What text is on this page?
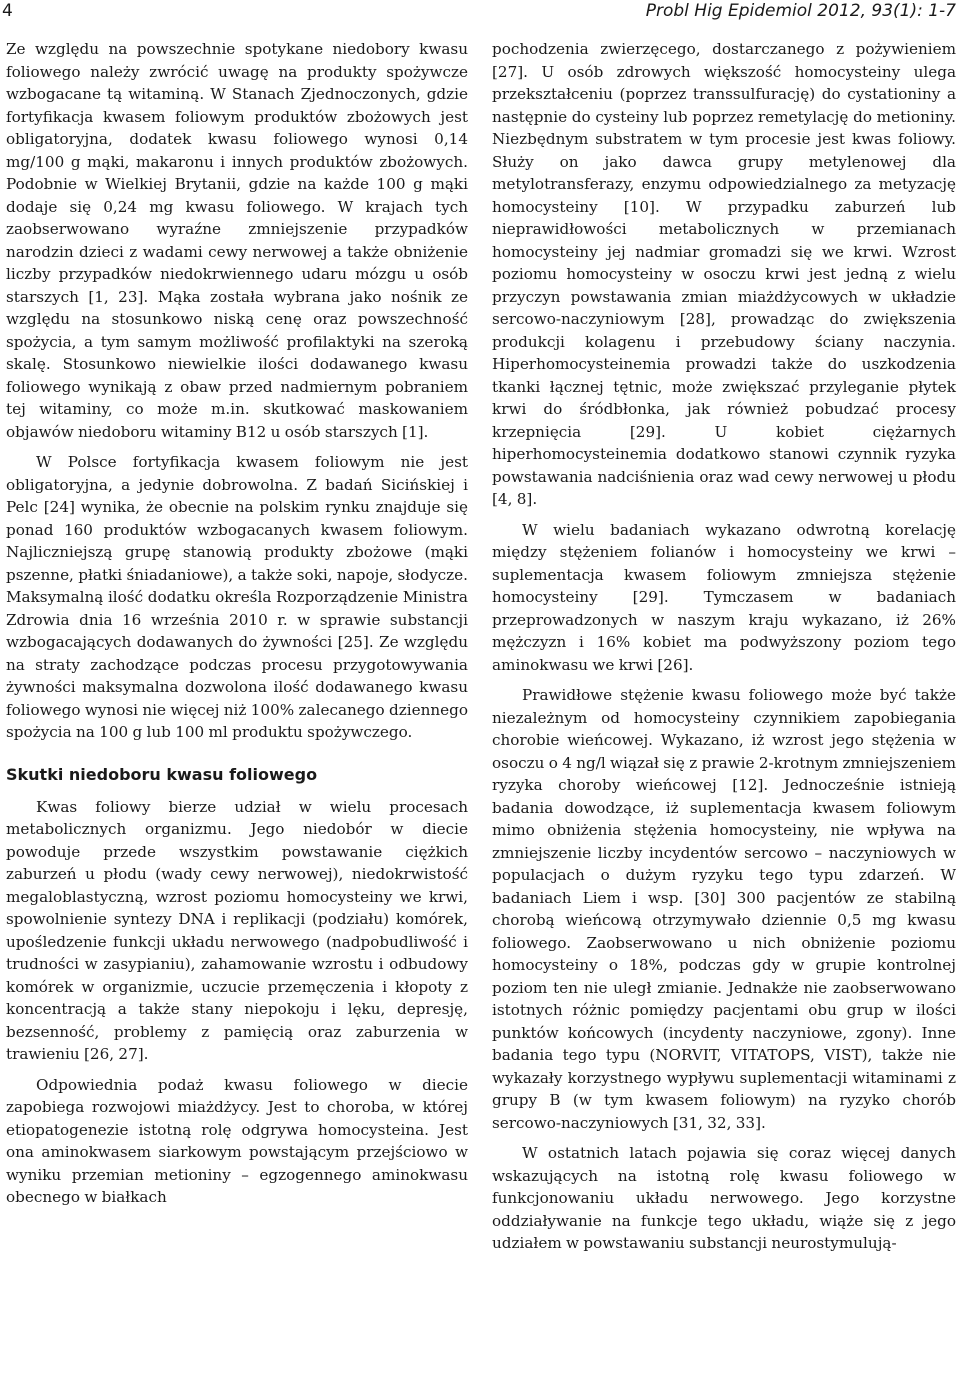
4	Probl Hig Epidemiol 2012, 93(1): 1-7

Ze względu na powszechnie spotykane niedobory kwasu foliowego należy zwrócić uwagę na produkty spożywcze wzbogacane tą witaminą. W Stanach Zjednoczonych, gdzie fortyfikacja kwasem foliowym produktów zbożowych jest obligatoryjna, dodatek kwasu foliowego wynosi 0,14 mg/100 g mąki, makaronu i innych produktów zbożowych. Podobnie w Wielkiej Brytanii, gdzie na każde 100 g mąki dodaje się 0,24 mg kwasu foliowego. W krajach tych zaobserwowano wyraźne zmniejszenie przypadków narodzin dzieci z wadami cewy nerwowej a także obniżenie liczby przypadków niedokrwiennego udaru mózgu u osób starszych [1, 23]. Mąka została wybrana jako nośnik ze względu na stosunkowo niską cenę oraz powszechność spożycia, a tym samym możliwość profilaktyki na szeroką skalę. Stosunkowo niewielkie ilości dodawanego kwasu foliowego wynikają z obaw przed nadmiernym pobraniem tej witaminy, co może m.in. skutkować maskowaniem objawów niedoboru witaminy B12 u osób starszych [1].

W Polsce fortyfikacja kwasem foliowym nie jest obligatoryjna, a jedynie dobrowolna. Z badań Sicińskiej i Pelc [24] wynika, że obecnie na polskim rynku znajduje się ponad 160 produktów wzbogacanych kwasem foliowym. Najliczniejszą grupę stanowią produkty zbożowe (mąki pszenne, płatki śniadaniowe), a także soki, napoje, słodycze. Maksymalną ilość dodatku określa Rozporządzenie Ministra Zdrowia dnia 16 września 2010 r. w sprawie substancji wzbogacających dodawanych do żywności [25]. Ze względu na straty zachodzące podczas procesu przygotowywania żywności maksymalna dozwolona ilość dodawanego kwasu foliowego wynosi nie więcej niż 100% zalecanego dziennego spożycia na 100 g lub 100 ml produktu spożywczego.

Skutki niedoboru kwasu foliowego

Kwas foliowy bierze udział w wielu procesach metabolicznych organizmu. Jego niedobór w diecie powoduje przede wszystkim powstawanie ciężkich zaburzeń u płodu (wady cewy nerwowej), niedokrwistość megaloblastyczną, wzrost poziomu homocysteiny we krwi, spowolnienie syntezy DNA i replikacji (podziału) komórek, upośledzenie funkcji układu nerwowego (nadpobudliwość i trudności w zasypianiu), zahamowanie wzrostu i odbudowy komórek w organizmie, uczucie przemęczenia i kłopoty z koncentracją a także stany niepokoju i lęku, depresję, bezsenność, problemy z pamięcią oraz zaburzenia w trawieniu [26, 27].

Odpowiednia podaż kwasu foliowego w diecie zapobiega rozwojowi miażdżycy. Jest to choroba, w której etiopatogenezie istotną rolę odgrywa homocysteina. Jest ona aminokwasem siarkowym powstającym przejściowo w wyniku przemian metioniny – egzogennego aminokwasu obecnego w białkach

pochodzenia zwierzęcego, dostarczanego z pożywieniem [27]. U osób zdrowych większość homocysteiny ulega przekształceniu (poprzez transsulfurację) do cystationiny a następnie do cysteiny lub poprzez remetylację do metioniny. Niezbędnym substratem w tym procesie jest kwas foliowy. Służy on jako dawca grupy metylenowej dla metylotransferazy, enzymu odpowiedzialnego za metyzację homocysteiny [10]. W przypadku zaburzeń lub nieprawidłowości metabolicznych w przemianach homocysteiny jej nadmiar gromadzi się we krwi. Wzrost poziomu homocysteiny w osoczu krwi jest jedną z wielu przyczyn powstawania zmian miażdżycowych w układzie sercowo-naczyniowym [28], prowadząc do zwiększenia produkcji kolagenu i przebudowy ściany naczynia. Hiperhomocysteinemia prowadzi także do uszkodzenia tkanki łącznej tętnic, może zwiększać przyleganie płytek krwi do śródbłonka, jak również pobudzać procesy krzepnięcia [29]. U kobiet ciężarnych hiperhomocysteinemia dodatkowo stanowi czynnik ryzyka powstawania nadciśnienia oraz wad cewy nerwowej u płodu [4, 8].

W wielu badaniach wykazano odwrotną korelację między stężeniem folianów i homocysteiny we krwi – suplementacja kwasem foliowym zmniejsza stężenie homocysteiny [29]. Tymczasem w badaniach przeprowadzonych w naszym kraju wykazano, iż 26% mężczyzn i 16% kobiet ma podwyższony poziom tego aminokwasu we krwi [26].

Prawidłowe stężenie kwasu foliowego może być także niezależnym od homocysteiny czynnikiem zapobiegania chorobie wieńcowej. Wykazano, iż wzrost jego stężenia w osoczu o 4 ng/l wiązał się z prawie 2-krotnym zmniejszeniem ryzyka choroby wieńcowej [12]. Jednocześnie istnieją badania dowodzące, iż suplementacja kwasem foliowym mimo obniżenia stężenia homocysteiny, nie wpływa na zmniejszenie liczby incydentów sercowo – naczyniowych w populacjach o dużym ryzyku tego typu zdarzeń. W badaniach Liem i wsp. [30] 300 pacjentów ze stabilną chorobą wieńcową otrzymywało dziennie 0,5 mg kwasu foliowego. Zaobserwowano u nich obniżenie poziomu homocysteiny o 18%, podczas gdy w grupie kontrolnej poziom ten nie uległ zmianie. Jednakże nie zaobserwowano istotnych różnic pomiędzy pacjentami obu grup w ilości punktów końcowych (incydenty naczyniowe, zgony). Inne badania tego typu (NORVIT, VITATOPS, VIST), także nie wykazały korzystnego wypływu suplementacji witaminami z grupy B (w tym kwasem foliowym) na ryzyko chorób sercowo-naczyniowych [31, 32, 33].

W ostatnich latach pojawia się coraz więcej danych wskazujących na istotną rolę kwasu foliowego w funkcjonowaniu układu nerwowego. Jego korzystne oddziaływanie na funkcje tego układu, wiąże się z jego udziałem w powstawaniu substancji neurostymulują-
